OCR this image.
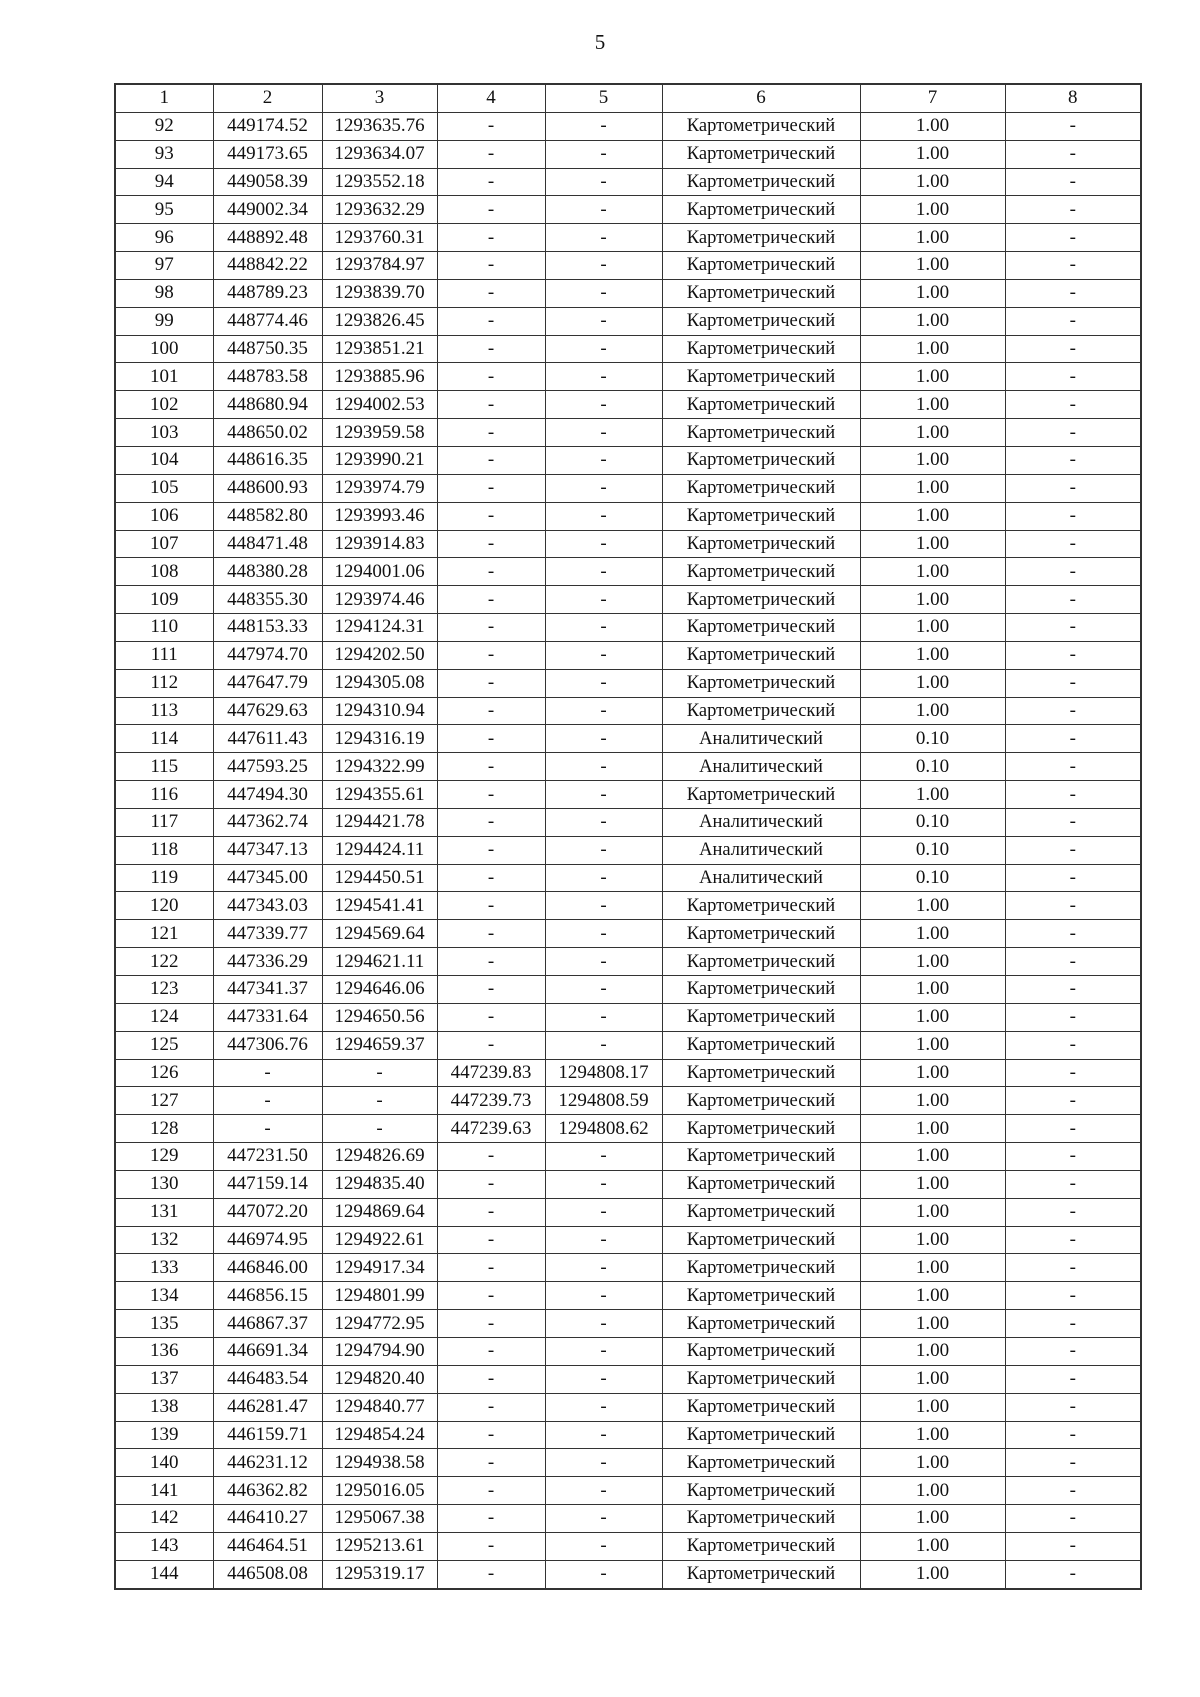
5
1	2	3	4	5	6	7	8
92	449174.52	1293635.76	-	-	Картометрический	1.00	-
93	449173.65	1293634.07	-	-	Картометрический	1.00	-
94	449058.39	1293552.18	-	-	Картометрический	1.00	-
95	449002.34	1293632.29	-	-	Картометрический	1.00	-
96	448892.48	1293760.31	-	-	Картометрический	1.00	-
97	448842.22	1293784.97	-	-	Картометрический	1.00	-
98	448789.23	1293839.70	-	-	Картометрический	1.00	-
99	448774.46	1293826.45	-	-	Картометрический	1.00	-
100	448750.35	1293851.21	-	-	Картометрический	1.00	-
101	448783.58	1293885.96	-	-	Картометрический	1.00	-
102	448680.94	1294002.53	-	-	Картометрический	1.00	-
103	448650.02	1293959.58	-	-	Картометрический	1.00	-
104	448616.35	1293990.21	-	-	Картометрический	1.00	-
105	448600.93	1293974.79	-	-	Картометрический	1.00	-
106	448582.80	1293993.46	-	-	Картометрический	1.00	-
107	448471.48	1293914.83	-	-	Картометрический	1.00	-
108	448380.28	1294001.06	-	-	Картометрический	1.00	-
109	448355.30	1293974.46	-	-	Картометрический	1.00	-
110	448153.33	1294124.31	-	-	Картометрический	1.00	-
111	447974.70	1294202.50	-	-	Картометрический	1.00	-
112	447647.79	1294305.08	-	-	Картометрический	1.00	-
113	447629.63	1294310.94	-	-	Картометрический	1.00	-
114	447611.43	1294316.19	-	-	Аналитический	0.10	-
115	447593.25	1294322.99	-	-	Аналитический	0.10	-
116	447494.30	1294355.61	-	-	Картометрический	1.00	-
117	447362.74	1294421.78	-	-	Аналитический	0.10	-
118	447347.13	1294424.11	-	-	Аналитический	0.10	-
119	447345.00	1294450.51	-	-	Аналитический	0.10	-
120	447343.03	1294541.41	-	-	Картометрический	1.00	-
121	447339.77	1294569.64	-	-	Картометрический	1.00	-
122	447336.29	1294621.11	-	-	Картометрический	1.00	-
123	447341.37	1294646.06	-	-	Картометрический	1.00	-
124	447331.64	1294650.56	-	-	Картометрический	1.00	-
125	447306.76	1294659.37	-	-	Картометрический	1.00	-
126	-	-	447239.83	1294808.17	Картометрический	1.00	-
127	-	-	447239.73	1294808.59	Картометрический	1.00	-
128	-	-	447239.63	1294808.62	Картометрический	1.00	-
129	447231.50	1294826.69	-	-	Картометрический	1.00	-
130	447159.14	1294835.40	-	-	Картометрический	1.00	-
131	447072.20	1294869.64	-	-	Картометрический	1.00	-
132	446974.95	1294922.61	-	-	Картометрический	1.00	-
133	446846.00	1294917.34	-	-	Картометрический	1.00	-
134	446856.15	1294801.99	-	-	Картометрический	1.00	-
135	446867.37	1294772.95	-	-	Картометрический	1.00	-
136	446691.34	1294794.90	-	-	Картометрический	1.00	-
137	446483.54	1294820.40	-	-	Картометрический	1.00	-
138	446281.47	1294840.77	-	-	Картометрический	1.00	-
139	446159.71	1294854.24	-	-	Картометрический	1.00	-
140	446231.12	1294938.58	-	-	Картометрический	1.00	-
141	446362.82	1295016.05	-	-	Картометрический	1.00	-
142	446410.27	1295067.38	-	-	Картометрический	1.00	-
143	446464.51	1295213.61	-	-	Картометрический	1.00	-
144	446508.08	1295319.17	-	-	Картометрический	1.00	-
